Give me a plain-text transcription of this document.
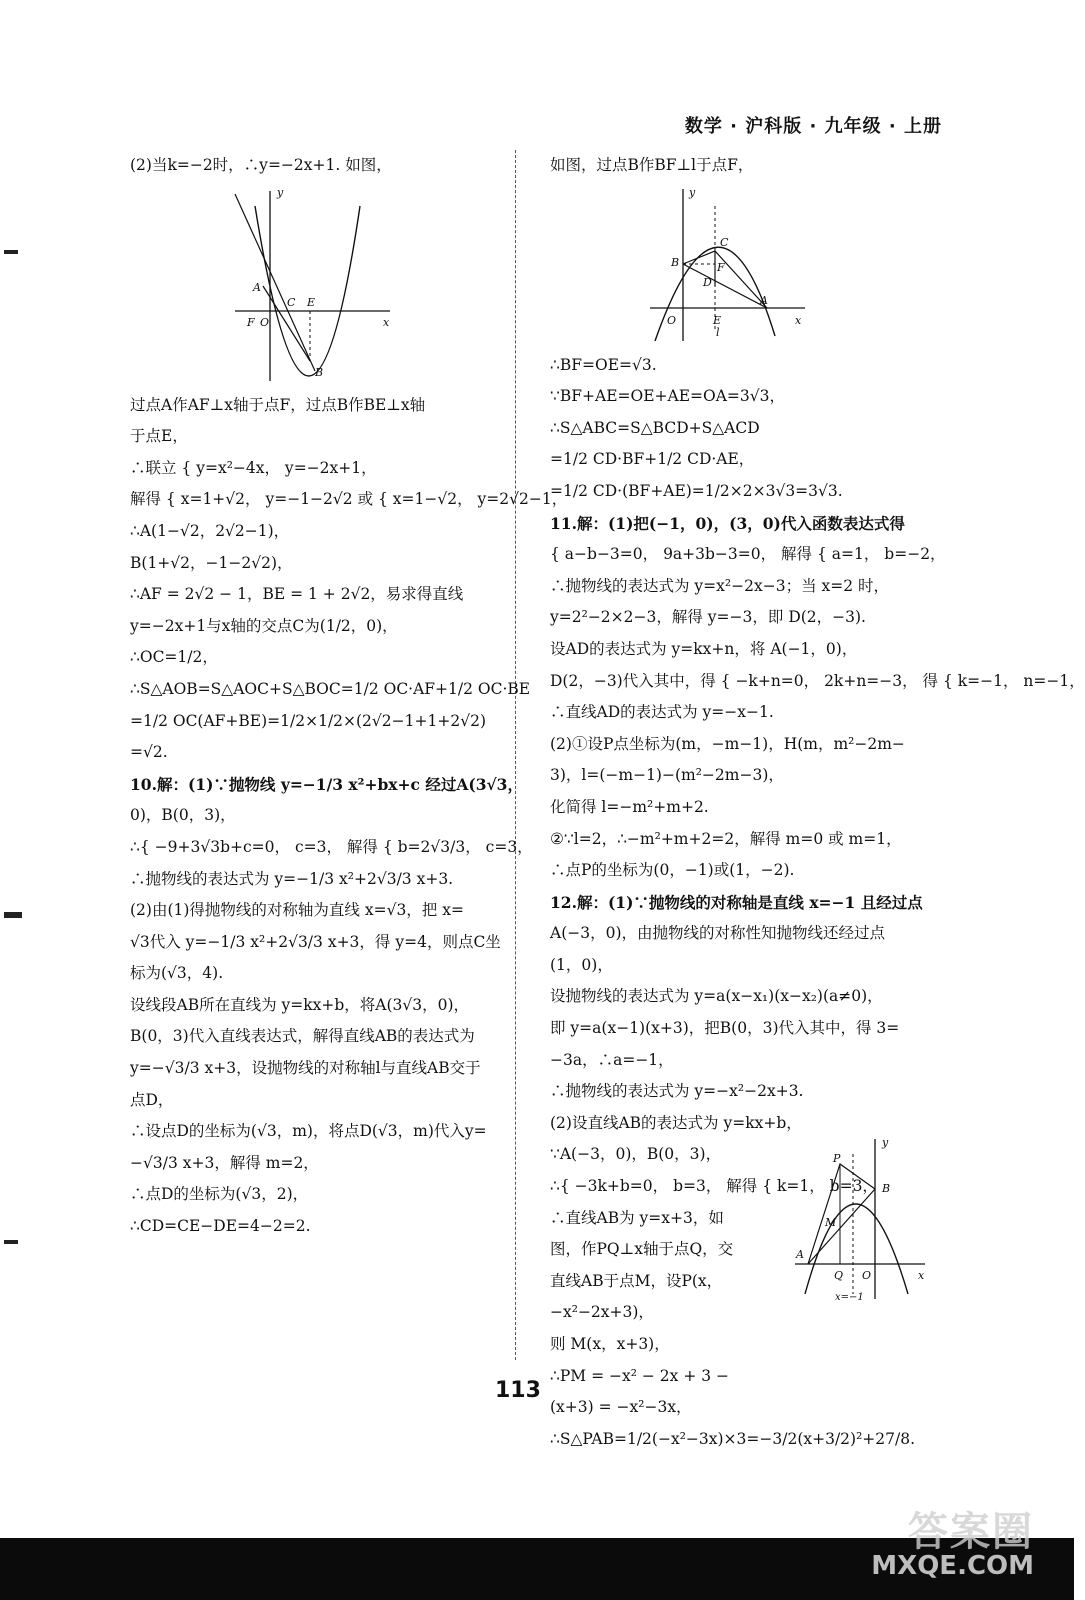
数学 · 沪科版 · 九年级 · 上册
(2)当k=−2时，∴y=−2x+1. 如图，
y
x
A
C E
F O
B
过点A作AF⊥x轴于点F，过点B作BE⊥x轴
于点E，
∴联立 { y=x²−4x， y=−2x+1，
解得 { x=1+√2， y=−1−2√2 或 { x=1−√2， y=2√2−1，
∴A(1−√2，2√2−1)，
B(1+√2，−1−2√2)，
∴AF = 2√2 − 1，BE = 1 + 2√2，易求得直线
y=−2x+1与x轴的交点C为(1/2，0)，
∴OC=1/2，
∴S△AOB=S△AOC+S△BOC=1/2 OC·AF+1/2 OC·BE
=1/2 OC(AF+BE)=1/2×1/2×(2√2−1+1+2√2)
=√2.
10.解：(1)∵抛物线 y=−1/3 x²+bx+c 经过A(3√3，
0)，B(0，3)，
∴{ −9+3√3b+c=0， c=3， 解得 { b=2√3/3， c=3，
∴抛物线的表达式为 y=−1/3 x²+2√3/3 x+3.
(2)由(1)得抛物线的对称轴为直线 x=√3，把 x=
√3代入 y=−1/3 x²+2√3/3 x+3，得 y=4，则点C坐
标为(√3，4).
设线段AB所在直线为 y=kx+b，将A(3√3，0)，
B(0，3)代入直线表达式，解得直线AB的表达式为
y=−√3/3 x+3，设抛物线的对称轴l与直线AB交于
点D，
∴设点D的坐标为(√3，m)，将点D(√3，m)代入y=
−√3/3 x+3，解得 m=2，
∴点D的坐标为(√3，2)，
∴CD=CE−DE=4−2=2.
如图，过点B作BF⊥l于点F，
y
x
B
C
F
D
A
O	E
l
∴BF=OE=√3.
∵BF+AE=OE+AE=OA=3√3，
∴S△ABC=S△BCD+S△ACD
=1/2 CD·BF+1/2 CD·AE，
=1/2 CD·(BF+AE)=1/2×2×3√3=3√3.
11.解：(1)把(−1，0)，(3，0)代入函数表达式得
{ a−b−3=0， 9a+3b−3=0， 解得 { a=1， b=−2，
∴抛物线的表达式为 y=x²−2x−3；当 x=2 时，
y=2²−2×2−3，解得 y=−3，即 D(2，−3).
设AD的表达式为 y=kx+n，将 A(−1，0)，
D(2，−3)代入其中，得 { −k+n=0， 2k+n=−3， 得 { k=−1， n=−1，
∴直线AD的表达式为 y=−x−1.
(2)①设P点坐标为(m，−m−1)，H(m，m²−2m−
3)，l=(−m−1)−(m²−2m−3)，
化简得 l=−m²+m+2.
②∵l=2，∴−m²+m+2=2，解得 m=0 或 m=1，
∴点P的坐标为(0，−1)或(1，−2).
12.解：(1)∵抛物线的对称轴是直线 x=−1 且经过点
A(−3，0)，由抛物线的对称性知抛物线还经过点
(1，0)，
设抛物线的表达式为 y=a(x−x₁)(x−x₂)(a≠0)，
即 y=a(x−1)(x+3)，把B(0，3)代入其中，得 3=
−3a，∴a=−1，
∴抛物线的表达式为 y=−x²−2x+3.
(2)设直线AB的表达式为 y=kx+b，
∵A(−3，0)，B(0，3)，
∴{ −3k+b=0， b=3， 解得 { k=1， b=3，
∴直线AB为 y=x+3，如
图，作PQ⊥x轴于点Q，交
直线AB于点M，设P(x，
−x²−2x+3)，
则 M(x，x+3)，
∴PM = −x² − 2x + 3 −
(x+3) = −x²−3x，
∴S△PAB=1/2(−x²−3x)×3=−3/2(x+3/2)²+27/8.
y
x
P
B
M
A
Q O
x=−1
113
答案圈
MXQE.COM
